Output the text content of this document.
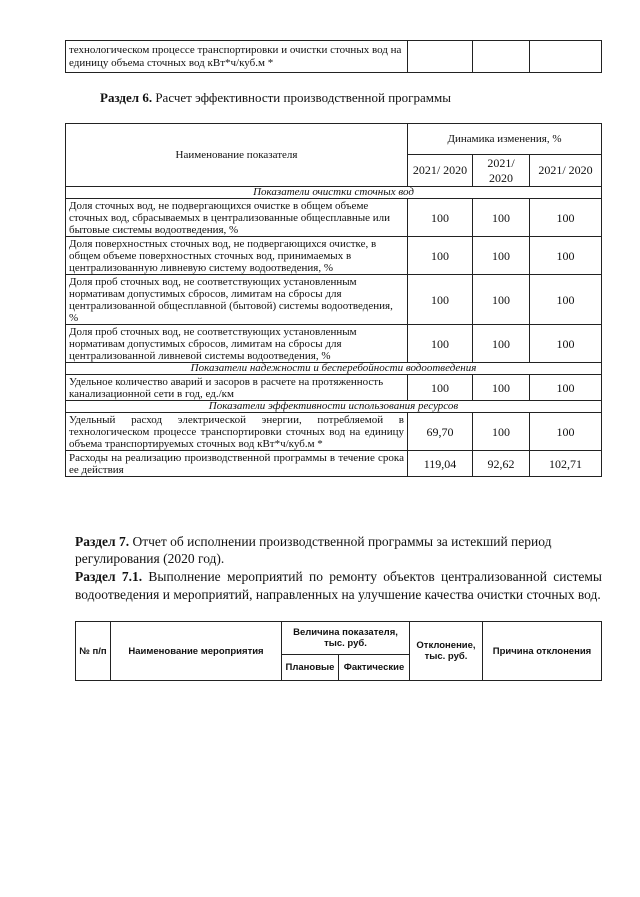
технологическом процессе транспортировки и очистки сточных вод на единицу объема сточных вод кВт*ч/куб.м *			
Раздел 6. Расчет эффективности производственной программы
Наименование показателя	Динамика изменения, %		
	2021/ 2020	2021/ 2020	2021/ 2020
Показатели очистки сточных вод			
Доля сточных вод, не подвергающихся очистке в общем объеме сточных вод, сбрасываемых в централизованные общесплавные или бытовые системы водоотведения, %	100	100	100
Доля поверхностных сточных вод, не подвергающихся очистке, в общем объеме поверхностных сточных вод, принимаемых в централизованную ливневую систему водоотведения, %	100	100	100
Доля проб сточных вод, не соответствующих установленным нормативам допустимых сбросов, лимитам на сбросы для централизованной общесплавной (бытовой) системы водоотведения, %	100	100	100
Доля проб сточных вод, не соответствующих установленным нормативам допустимых сбросов, лимитам на сбросы для централизованной ливневой системы водоотведения, %	100	100	100
Показатели надежности и бесперебойности водоотведения			
Удельное количество аварий и засоров в расчете на протяженность канализационной сети в год, ед./км	100	100	100
Показатели эффективности использования ресурсов			
Удельный расход электрической энергии, потребляемой в технологическом процессе транспортировки сточных вод на единицу объема транспортируемых сточных вод кВт*ч/куб.м *	69,70	100	100
Расходы на реализацию производственной программы в течение срока ее действия	119,04	92,62	102,71
Раздел 7. Отчет об исполнении производственной программы за истекший период регулирования (2020 год).
Раздел 7.1. Выполнение мероприятий по ремонту объектов централизованной системы водоотведения и мероприятий, направленных на улучшение качества очистки сточных вод.
№ п/п	Наименование мероприятия	Величина показателя, тыс. руб.		Отклонение, тыс. руб.	Причина отклонения
		Плановые	Фактические		
